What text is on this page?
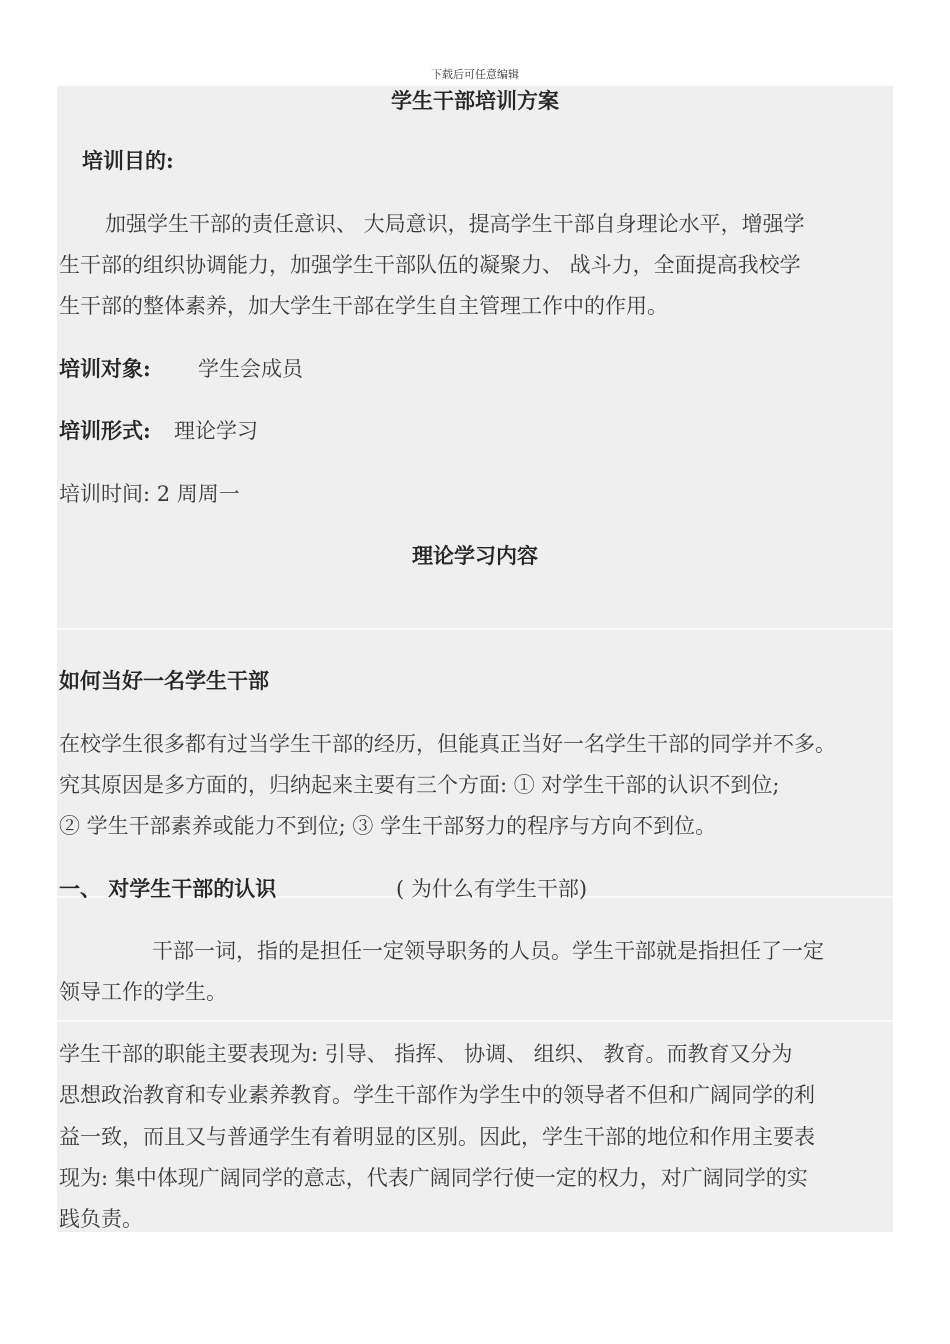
下载后可任意编辑
学生干部培训方案
培训目的:
加强学生干部的责任意识、 大局意识，提高学生干部自身理论水平，增强学
生干部的组织协调能力，加强学生干部队伍的凝聚力、 战斗力，全面提高我校学
生干部的整体素养，加大学生干部在学生自主管理工作中的作用。
培训对象: 学生会成员
培训形式: 理论学习
培训时间: 2 周周一
理论学习内容
如何当好一名学生干部
在校学生很多都有过当学生干部的经历，但能真正当好一名学生干部的同学并不多。
究其原因是多方面的，归纳起来主要有三个方面: ① 对学生干部的认识不到位;
② 学生干部素养或能力不到位; ③ 学生干部努力的程序与方向不到位。
一、 对学生干部的认识	( 为什么有学生干部)
干部一词，指的是担任一定领导职务的人员。学生干部就是指担任了一定
领导工作的学生。
学生干部的职能主要表现为: 引导、 指挥、 协调、 组织、 教育。而教育又分为
思想政治教育和专业素养教育。学生干部作为学生中的领导者不但和广阔同学的利
益一致，而且又与普通学生有着明显的区别。因此，学生干部的地位和作用主要表
现为: 集中体现广阔同学的意志，代表广阔同学行使一定的权力，对广阔同学的实
践负责。
